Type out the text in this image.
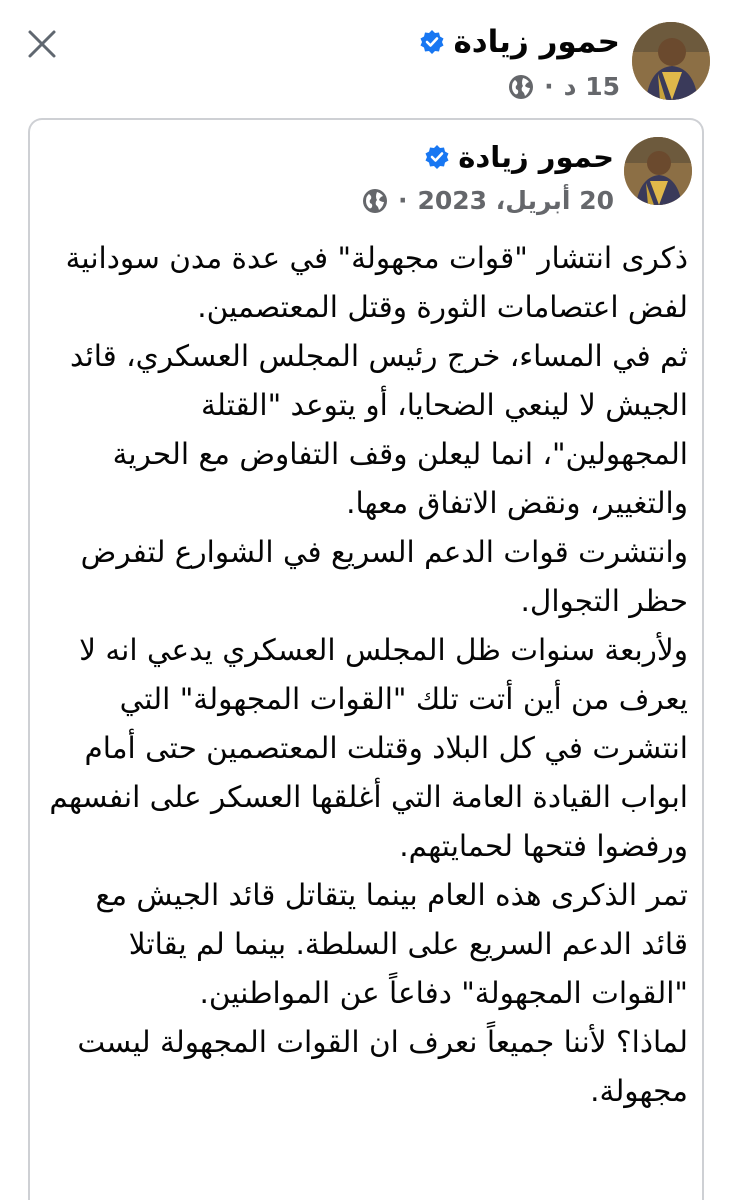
حمور زيادة
15 د
·
حمور زيادة
20 أبريل، 2023
·

ذكرى انتشار "قوات مجهولة" في عدة مدن سودانية لفض اعتصامات الثورة وقتل المعتصمين.

ثم في المساء، خرج رئيس المجلس العسكري، قائد الجيش لا لينعي الضحايا، أو يتوعد "القتلة المجهولين"، انما ليعلن وقف التفاوض مع الحرية والتغيير، ونقض الاتفاق معها.

وانتشرت قوات الدعم السريع في الشوارع لتفرض حظر التجوال.

ولأربعة سنوات ظل المجلس العسكري يدعي انه لا يعرف من أين أتت تلك "القوات المجهولة" التي انتشرت في كل البلاد وقتلت المعتصمين حتى أمام ابواب القيادة العامة التي أغلقها العسكر على انفسهم ورفضوا فتحها لحمايتهم.

تمر الذكرى هذه العام بينما يتقاتل قائد الجيش مع قائد الدعم السريع على السلطة. بينما لم يقاتلا "القوات المجهولة" دفاعاً عن المواطنين.

لماذا؟ لأننا جميعاً نعرف ان القوات المجهولة ليست مجهولة.
